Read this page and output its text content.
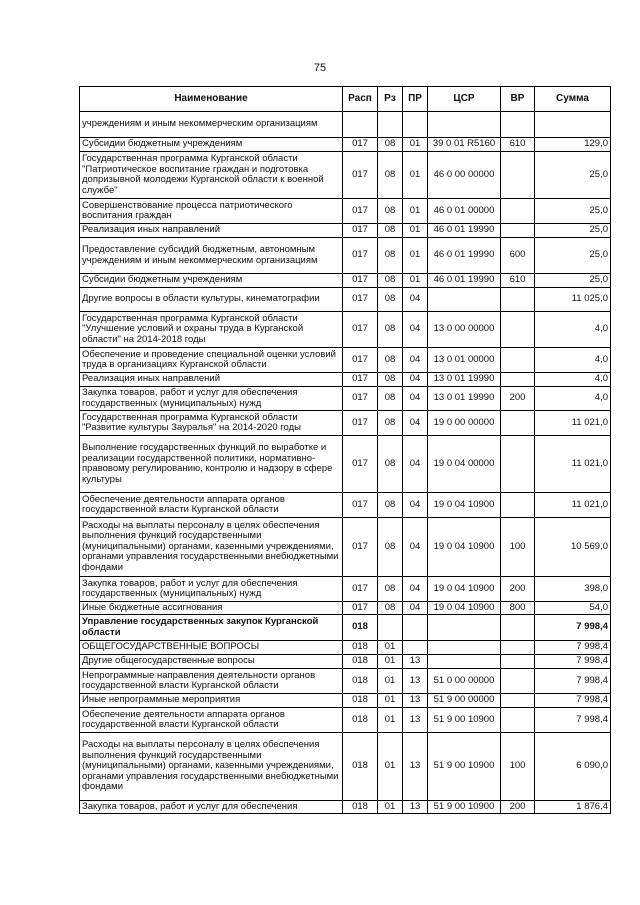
75
Наименование	Расп	Рз	ПР	ЦСР	ВР	Сумма
учреждениям и иным некоммерческим организациям						
Субсидии бюджетным учреждениям	017	08	01	39 0 01 R5160	610	129,0
Государственная программа Курганской области "Патриотическое воспитание граждан и подготовка допризывной молодежи Курганской области к военной службе"	017	08	01	46 0 00 00000		25,0
Совершенствование процесса патриотического воспитания граждан	017	08	01	46 0 01 00000		25,0
Реализация иных направлений	017	08	01	46 0 01 19990		25,0
Предоставление субсидий бюджетным, автономным учреждениям и иным некоммерческим организациям	017	08	01	46 0 01 19990	600	25,0
Субсидии бюджетным учреждениям	017	08	01	46 0 01 19990	610	25,0
Другие вопросы в области культуры, кинематографии	017	08	04			11 025,0
Государственная программа Курганской области "Улучшение условий и охраны труда в Курганской области" на 2014-2018 годы	017	08	04	13 0 00 00000		4,0
Обеспечение и проведение специальной оценки условий труда в организациях Курганской области	017	08	04	13 0 01 00000		4,0
Реализация иных направлений	017	08	04	13 0 01 19990		4,0
Закупка товаров, работ и услуг для обеспечения государственных (муниципальных) нужд	017	08	04	13 0 01 19990	200	4,0
Государственная программа Курганской области "Развитие культуры Зауралья" на 2014-2020 годы	017	08	04	19 0 00 00000		11 021,0
Выполнение государственных функций по выработке и реализации государственной политики, нормативно-правовому регулированию, контролю и надзору в сфере культуры	017	08	04	19 0 04 00000		11 021,0
Обеспечение деятельности аппарата органов государственной власти Курганской области	017	08	04	19 0 04 10900		11 021,0
Расходы на выплаты персоналу в целях обеспечения выполнения функций государственными (муниципальными) органами, казенными учреждениями, органами управления государственными внебюджетными фондами	017	08	04	19 0 04 10900	100	10 569,0
Закупка товаров, работ и услуг для обеспечения государственных (муниципальных) нужд	017	08	04	19 0 04 10900	200	398,0
Иные бюджетные ассигнования	017	08	04	19 0 04 10900	800	54,0
Управление государственных закупок Курганской области	018					7 998,4
ОБЩЕГОСУДАРСТВЕННЫЕ ВОПРОСЫ	018	01				7 998,4
Другие общегосударственные вопросы	018	01	13			7 998,4
Непрограммные направления деятельности органов государственной власти Курганской области	018	01	13	51 0 00 00000		7 998,4
Иные непрограммные мероприятия	018	01	13	51 9 00 00000		7 998,4
Обеспечение деятельности аппарата органов государственной власти Курганской области	018	01	13	51 9 00 10900		7 998,4
Расходы на выплаты персоналу в целях обеспечения выполнения функций государственными (муниципальными) органами, казенными учреждениями, органами управления государственными внебюджетными фондами	018	01	13	51 9 00 10900	100	6 090,0
Закупка товаров, работ и услуг для обеспечения	018	01	13	51 9 00 10900	200	1 876,4
